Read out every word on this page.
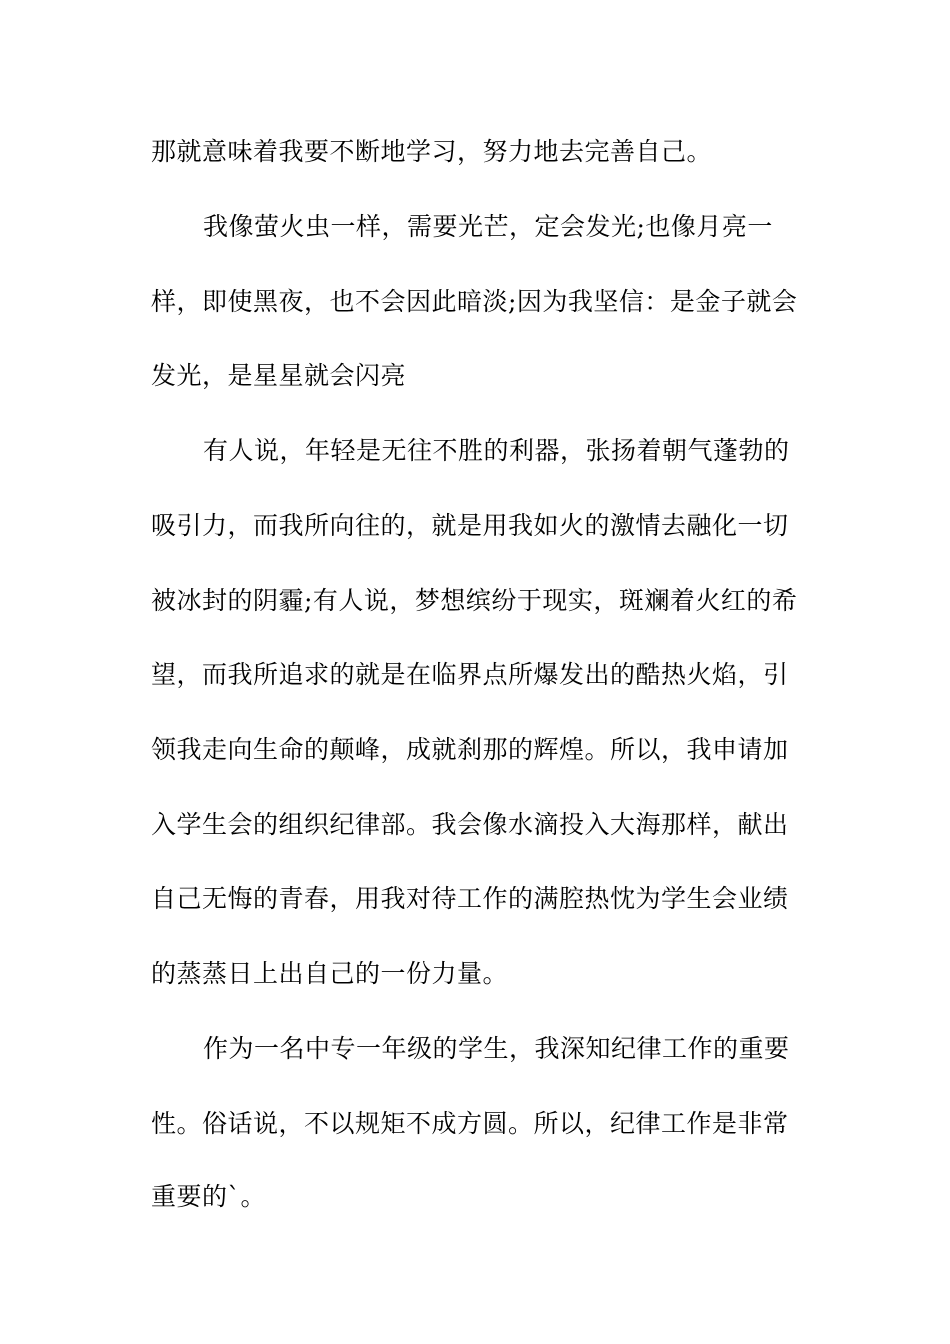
那就意味着我要不断地学习，努力地去完善自己。
我像萤火虫一样，需要光芒，定会发光;也像月亮一
样，即使黑夜，也不会因此暗淡;因为我坚信：是金子就会
发光，是星星就会闪亮
有人说，年轻是无往不胜的利器，张扬着朝气蓬勃的
吸引力，而我所向往的，就是用我如火的激情去融化一切
被冰封的阴霾;有人说，梦想缤纷于现实，斑斓着火红的希
望，而我所追求的就是在临界点所爆发出的酷热火焰，引
领我走向生命的颠峰，成就刹那的辉煌。所以，我申请加
入学生会的组织纪律部。我会像水滴投入大海那样，献出
自己无悔的青春，用我对待工作的满腔热忱为学生会业绩
的蒸蒸日上出自己的一份力量。
作为一名中专一年级的学生，我深知纪律工作的重要
性。俗话说，不以规矩不成方圆。所以，纪律工作是非常
重要的`。
